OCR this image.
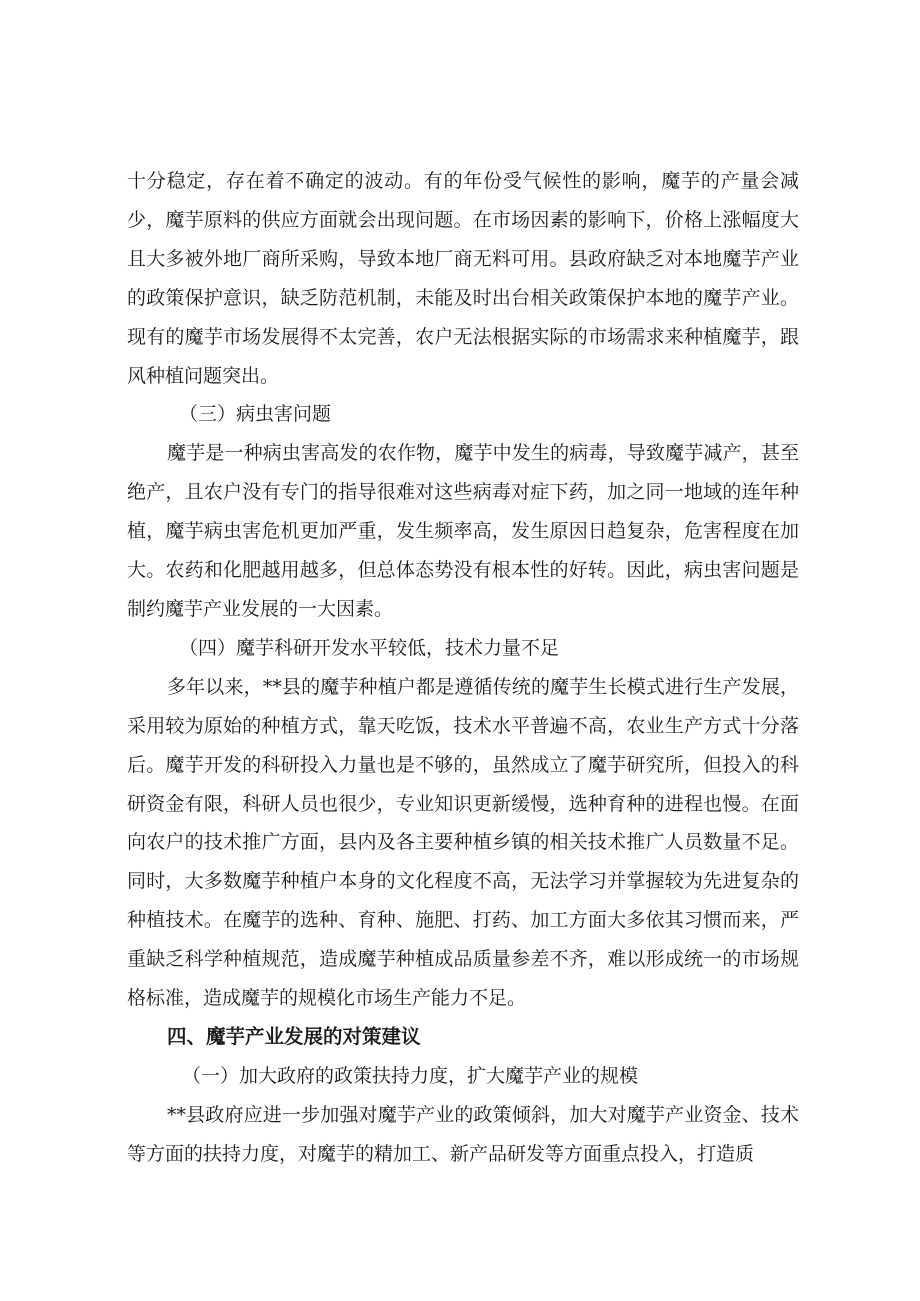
十分稳定，存在着不确定的波动。有的年份受气候性的影响，魔芋的产量会减少，魔芋原料的供应方面就会出现问题。在市场因素的影响下，价格上涨幅度大且大多被外地厂商所采购，导致本地厂商无料可用。县政府缺乏对本地魔芋产业的政策保护意识，缺乏防范机制，未能及时出台相关政策保护本地的魔芋产业。现有的魔芋市场发展得不太完善，农户无法根据实际的市场需求来种植魔芋，跟风种植问题突出。

（三）病虫害问题

魔芋是一种病虫害高发的农作物，魔芋中发生的病毒，导致魔芋减产，甚至绝产，且农户没有专门的指导很难对这些病毒对症下药，加之同一地域的连年种植，魔芋病虫害危机更加严重，发生频率高，发生原因日趋复杂，危害程度在加大。农药和化肥越用越多，但总体态势没有根本性的好转。因此，病虫害问题是制约魔芋产业发展的一大因素。

（四）魔芋科研开发水平较低，技术力量不足

多年以来，**县的魔芋种植户都是遵循传统的魔芋生长模式进行生产发展，采用较为原始的种植方式，靠天吃饭，技术水平普遍不高，农业生产方式十分落后。魔芋开发的科研投入力量也是不够的，虽然成立了魔芋研究所，但投入的科研资金有限，科研人员也很少，专业知识更新缓慢，选种育种的进程也慢。在面向农户的技术推广方面，县内及各主要种植乡镇的相关技术推广人员数量不足。同时，大多数魔芋种植户本身的文化程度不高，无法学习并掌握较为先进复杂的种植技术。在魔芋的选种、育种、施肥、打药、加工方面大多依其习惯而来，严重缺乏科学种植规范，造成魔芋种植成品质量参差不齐，难以形成统一的市场规格标准，造成魔芋的规模化市场生产能力不足。

四、魔芋产业发展的对策建议

（一）加大政府的政策扶持力度，扩大魔芋产业的规模

**县政府应进一步加强对魔芋产业的政策倾斜，加大对魔芋产业资金、技术等方面的扶持力度，对魔芋的精加工、新产品研发等方面重点投入，打造质
